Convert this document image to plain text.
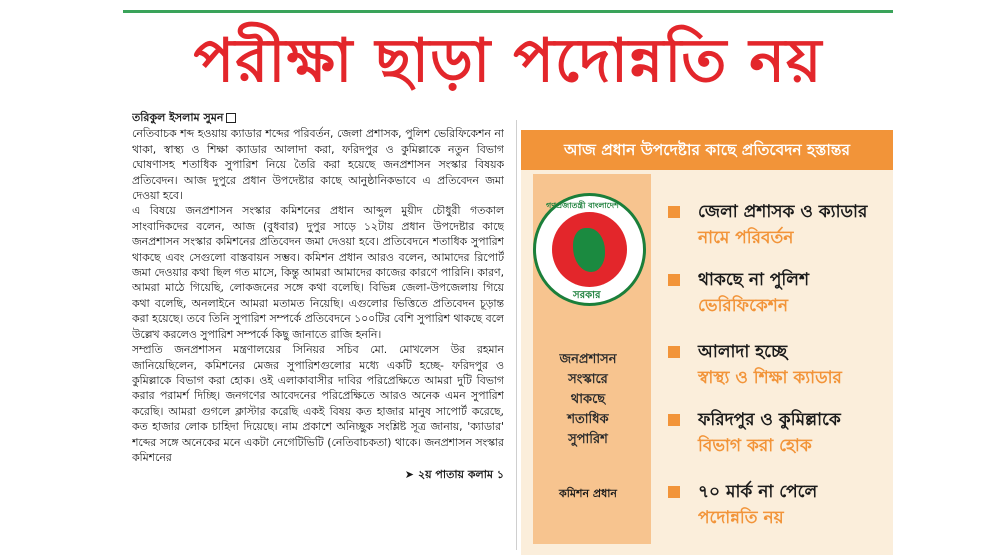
পরীক্ষা ছাড়া পদোন্নতি নয়
তরিকুল ইসলাম সুমন

নেতিবাচক শব্দ হওয়ায় ক্যাডার শব্দের পরিবর্তন, জেলা প্রশাসক, পুলিশ ভেরিফিকেশন না থাকা, স্বাস্থ্য ও শিক্ষা ক্যাডার আলাদা করা, ফরিদপুর ও কুমিল্লাকে নতুন বিভাগ ঘোষণাসহ শতাধিক সুপারিশ নিয়ে তৈরি করা হয়েছে জনপ্রশাসন সংস্কার বিষয়ক প্রতিবেদন। আজ দুপুরে প্রধান উপদেষ্টার কাছে আনুষ্ঠানিকভাবে এ প্রতিবেদন জমা দেওয়া হবে।

এ বিষয়ে জনপ্রশাসন সংস্কার কমিশনের প্রধান আব্দুল মুয়ীদ চৌধুরী গতকাল সাংবাদিকদের বলেন, আজ (বুধবার) দুপুর সাড়ে ১২টায় প্রধান উপদেষ্টার কাছে জনপ্রশাসন সংস্কার কমিশনের প্রতিবেদন জমা দেওয়া হবে। প্রতিবেদনে শতাধিক সুপারিশ থাকছে এবং সেগুলো বাস্তবায়ন সম্ভব। কমিশন প্রধান আরও বলেন, আমাদের রিপোর্ট জমা দেওয়ার কথা ছিল গত মাসে, কিন্তু আমরা আমাদের কাজের কারণে পারিনি। কারণ, আমরা মাঠে গিয়েছি, লোকজনের সঙ্গে কথা বলেছি। বিভিন্ন জেলা-উপজেলায় গিয়ে কথা বলেছি, অনলাইনে আমরা মতামত নিয়েছি। এগুলোর ভিত্তিতে প্রতিবেদন চূড়ান্ত করা হয়েছে। তবে তিনি সুপারিশ সম্পর্কে প্রতিবেদনে ১০০টির বেশি সুপারিশ থাকছে বলে উল্লেখ করলেও সুপারিশ সম্পর্কে কিছু জানাতে রাজি হননি।

সম্প্রতি জনপ্রশাসন মন্ত্রণালয়ের সিনিয়র সচিব মো. মোখলেস উর রহমান জানিয়েছিলেন, কমিশনের মেজর সুপারিশগুলোর মধ্যে একটি হচ্ছে- ফরিদপুর ও কুমিল্লাকে বিভাগ করা হোক। ওই এলাকাবাসীর দাবির পরিপ্রেক্ষিতে আমরা দুটি বিভাগ করার পরামর্শ দিচ্ছি। জনগণের আবেদনের পরিপ্রেক্ষিতে আরও অনেক এমন সুপারিশ করেছি। আমরা গুগলে ক্লাস্টার করেছি একই বিষয় কত হাজার মানুষ সাপোর্ট করেছে, কত হাজার লোক চাহিদা দিয়েছে। নাম প্রকাশে অনিচ্ছুক সংশ্লিষ্ট সূত্র জানায়, 'ক্যাডার' শব্দের সঙ্গে অনেকের মনে একটা নেগেটিভিটি (নেতিবাচকতা) থাকে। জনপ্রশাসন সংস্কার কমিশনের

➤ ২য় পাতায় কলাম ১
আজ প্রধান উপদেষ্টার কাছে প্রতিবেদন হস্তান্তর
গণপ্রজাতন্ত্রী বাংলাদেশ
সরকার
জনপ্রশাসন
সংস্কারে
থাকছে
শতাধিক
সুপারিশ
কমিশন প্রধান
জেলা প্রশাসক ও ক্যাডার
নামে পরিবর্তন
থাকছে না পুলিশ
ভেরিফিকেশন
আলাদা হচ্ছে
স্বাস্থ্য ও শিক্ষা ক্যাডার
ফরিদপুর ও কুমিল্লাকে
বিভাগ করা হোক
৭০ মার্ক না পেলে
পদোন্নতি নয়
